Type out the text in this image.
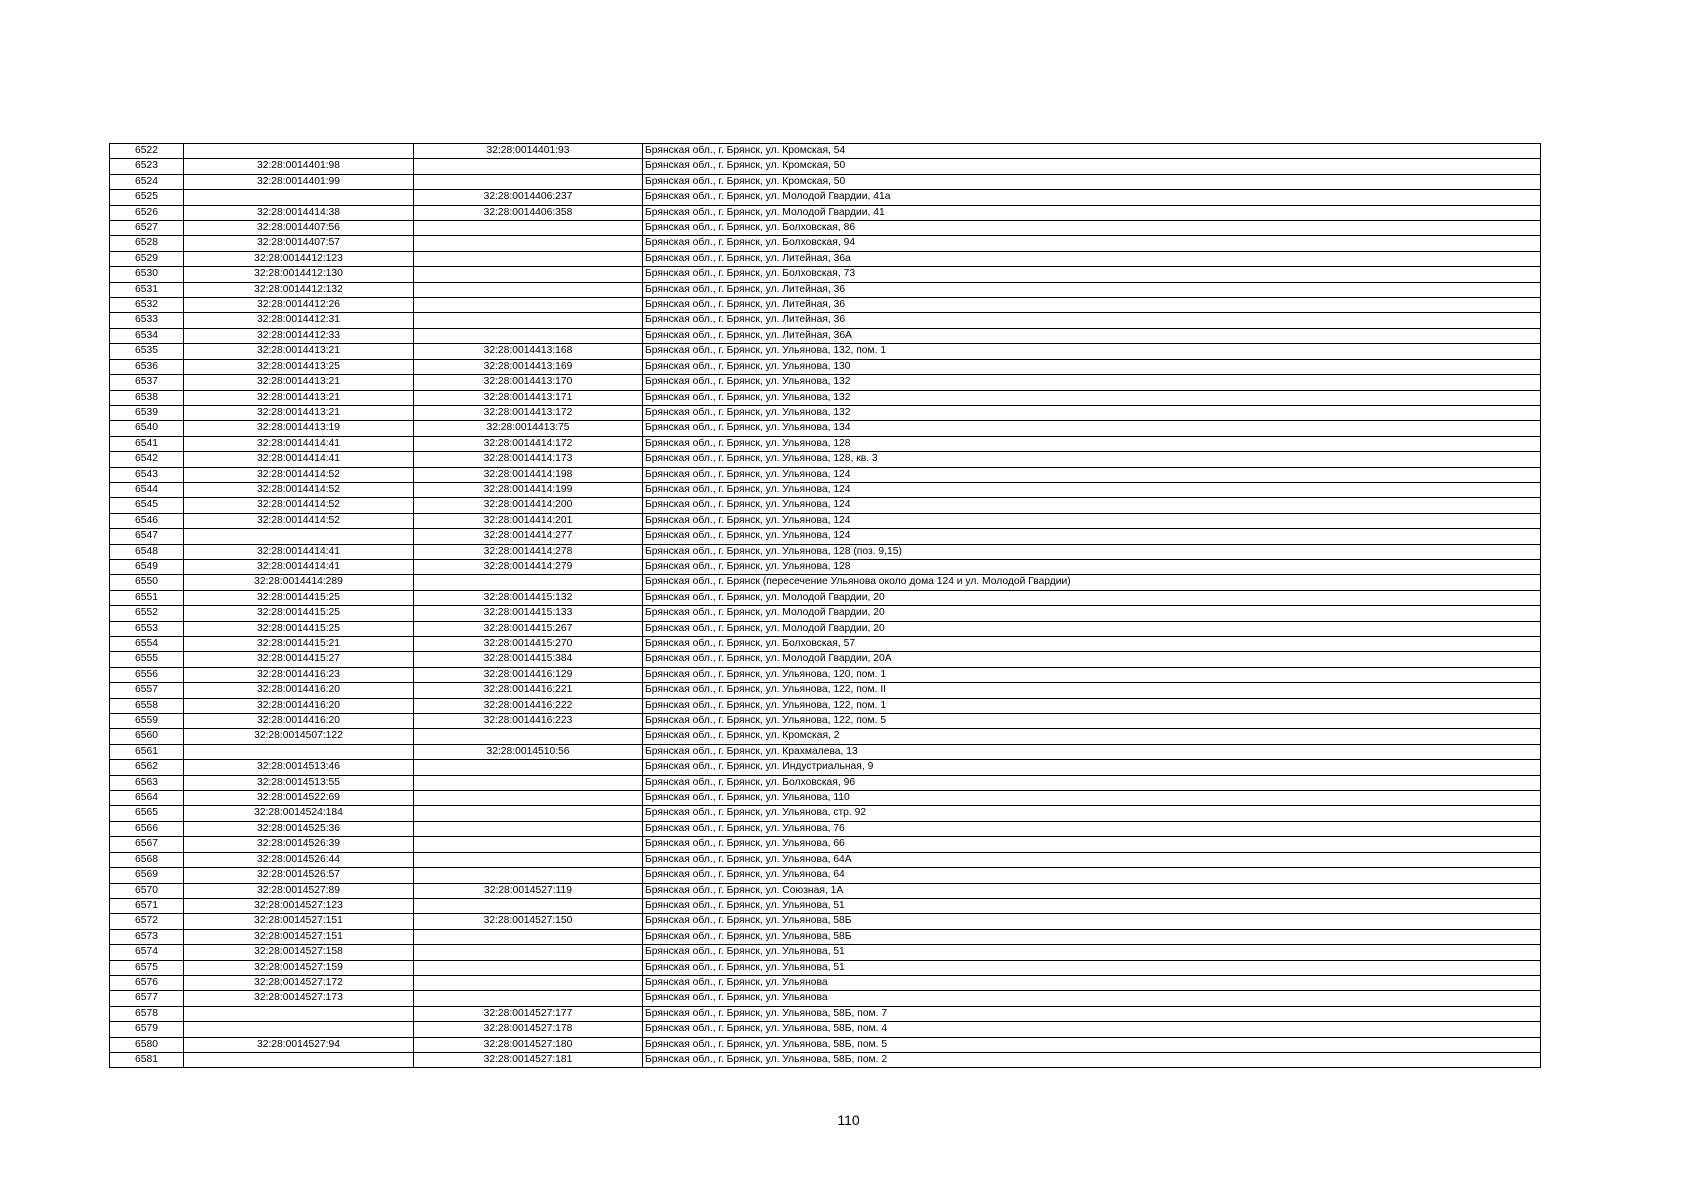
6522		32:28:0014401:93	Брянская обл., г. Брянск, ул. Кромская, 54
6523	32:28:0014401:98		Брянская обл., г. Брянск, ул. Кромская, 50
6524	32:28:0014401:99		Брянская обл., г. Брянск, ул. Кромская, 50
6525		32:28:0014406:237	Брянская обл., г. Брянск, ул. Молодой Гвардии, 41а
6526	32:28:0014414:38	32:28:0014406:358	Брянская обл., г. Брянск, ул. Молодой Гвардии, 41
6527	32:28:0014407:56		Брянская обл., г. Брянск, ул. Болховская, 86
6528	32:28:0014407:57		Брянская обл., г. Брянск, ул. Болховская, 94
6529	32:28:0014412:123		Брянская обл., г. Брянск, ул. Литейная, 36а
6530	32:28:0014412:130		Брянская обл., г. Брянск, ул. Болховская, 73
6531	32:28:0014412:132		Брянская обл., г. Брянск, ул. Литейная, 36
6532	32:28:0014412:26		Брянская обл., г. Брянск, ул. Литейная, 36
6533	32:28:0014412:31		Брянская обл., г. Брянск, ул. Литейная, 36
6534	32:28:0014412:33		Брянская обл., г. Брянск, ул. Литейная, 36А
6535	32:28:0014413:21	32:28:0014413:168	Брянская обл., г. Брянск, ул. Ульянова, 132, пом. 1
6536	32:28:0014413:25	32:28:0014413:169	Брянская обл., г. Брянск, ул. Ульянова, 130
6537	32:28:0014413:21	32:28:0014413:170	Брянская обл., г. Брянск, ул. Ульянова, 132
6538	32:28:0014413:21	32:28:0014413:171	Брянская обл., г. Брянск, ул. Ульянова, 132
6539	32:28:0014413:21	32:28:0014413:172	Брянская обл., г. Брянск, ул. Ульянова, 132
6540	32:28:0014413:19	32:28:0014413:75	Брянская обл., г. Брянск, ул. Ульянова, 134
6541	32:28:0014414:41	32:28:0014414:172	Брянская обл., г. Брянск, ул. Ульянова, 128
6542	32:28:0014414:41	32:28:0014414:173	Брянская обл., г. Брянск, ул. Ульянова, 128, кв. 3
6543	32:28:0014414:52	32:28:0014414:198	Брянская обл., г. Брянск, ул. Ульянова, 124
6544	32:28:0014414:52	32:28:0014414:199	Брянская обл., г. Брянск, ул. Ульянова, 124
6545	32:28:0014414:52	32:28:0014414:200	Брянская обл., г. Брянск, ул. Ульянова, 124
6546	32:28:0014414:52	32:28:0014414:201	Брянская обл., г. Брянск, ул. Ульянова, 124
6547		32:28:0014414:277	Брянская обл., г. Брянск, ул. Ульянова, 124
6548	32:28:0014414:41	32:28:0014414:278	Брянская обл., г. Брянск, ул. Ульянова, 128 (поз. 9,15)
6549	32:28:0014414:41	32:28:0014414:279	Брянская обл., г. Брянск, ул. Ульянова, 128
6550	32:28:0014414:289		Брянская обл., г. Брянск (пересечение Ульянова около дома 124 и ул. Молодой Гвардии)
6551	32:28:0014415:25	32:28:0014415:132	Брянская обл., г. Брянск, ул. Молодой Гвардии, 20
6552	32:28:0014415:25	32:28:0014415:133	Брянская обл., г. Брянск, ул. Молодой Гвардии, 20
6553	32:28:0014415:25	32:28:0014415:267	Брянская обл., г. Брянск, ул. Молодой Гвардии, 20
6554	32:28:0014415:21	32:28:0014415:270	Брянская обл., г. Брянск, ул. Болховская, 57
6555	32:28:0014415:27	32:28:0014415:384	Брянская обл., г. Брянск, ул. Молодой Гвардии, 20А
6556	32:28:0014416:23	32:28:0014416:129	Брянская обл., г. Брянск, ул. Ульянова, 120, пом. 1
6557	32:28:0014416:20	32:28:0014416:221	Брянская обл., г. Брянск, ул. Ульянова, 122, пом. II
6558	32:28:0014416:20	32:28:0014416:222	Брянская обл., г. Брянск, ул. Ульянова, 122, пом. 1
6559	32:28:0014416:20	32:28:0014416:223	Брянская обл., г. Брянск, ул. Ульянова, 122, пом. 5
6560	32:28:0014507:122		Брянская обл., г. Брянск, ул. Кромская, 2
6561		32:28:0014510:56	Брянская обл., г. Брянск, ул. Крахмалева, 13
6562	32:28:0014513:46		Брянская обл., г. Брянск, ул. Индустриальная, 9
6563	32:28:0014513:55		Брянская обл., г. Брянск, ул. Болховская, 96
6564	32:28:0014522:69		Брянская обл., г. Брянск, ул. Ульянова, 110
6565	32:28:0014524:184		Брянская обл., г. Брянск, ул. Ульянова, стр. 92
6566	32:28:0014525:36		Брянская обл., г. Брянск, ул. Ульянова, 76
6567	32:28:0014526:39		Брянская обл., г. Брянск, ул. Ульянова, 66
6568	32:28:0014526:44		Брянская обл., г. Брянск, ул. Ульянова, 64А
6569	32:28:0014526:57		Брянская обл., г. Брянск, ул. Ульянова, 64
6570	32:28:0014527:89	32:28:0014527:119	Брянская обл., г. Брянск, ул. Союзная, 1А
6571	32:28:0014527:123		Брянская обл., г. Брянск, ул. Ульянова, 51
6572	32:28:0014527:151	32:28:0014527:150	Брянская обл., г. Брянск, ул. Ульянова, 58Б
6573	32:28:0014527:151		Брянская обл., г. Брянск, ул. Ульянова, 58Б
6574	32:28:0014527:158		Брянская обл., г. Брянск, ул. Ульянова, 51
6575	32:28:0014527:159		Брянская обл., г. Брянск, ул. Ульянова, 51
6576	32:28:0014527:172		Брянская обл., г. Брянск, ул. Ульянова
6577	32:28:0014527:173		Брянская обл., г. Брянск, ул. Ульянова
6578		32:28:0014527:177	Брянская обл., г. Брянск, ул. Ульянова, 58Б, пом. 7
6579		32:28:0014527:178	Брянская обл., г. Брянск, ул. Ульянова, 58Б, пом. 4
6580	32:28:0014527:94	32:28:0014527:180	Брянская обл., г. Брянск, ул. Ульянова, 58Б, пом. 5
6581		32:28:0014527:181	Брянская обл., г. Брянск, ул. Ульянова, 58Б, пом. 2
110
